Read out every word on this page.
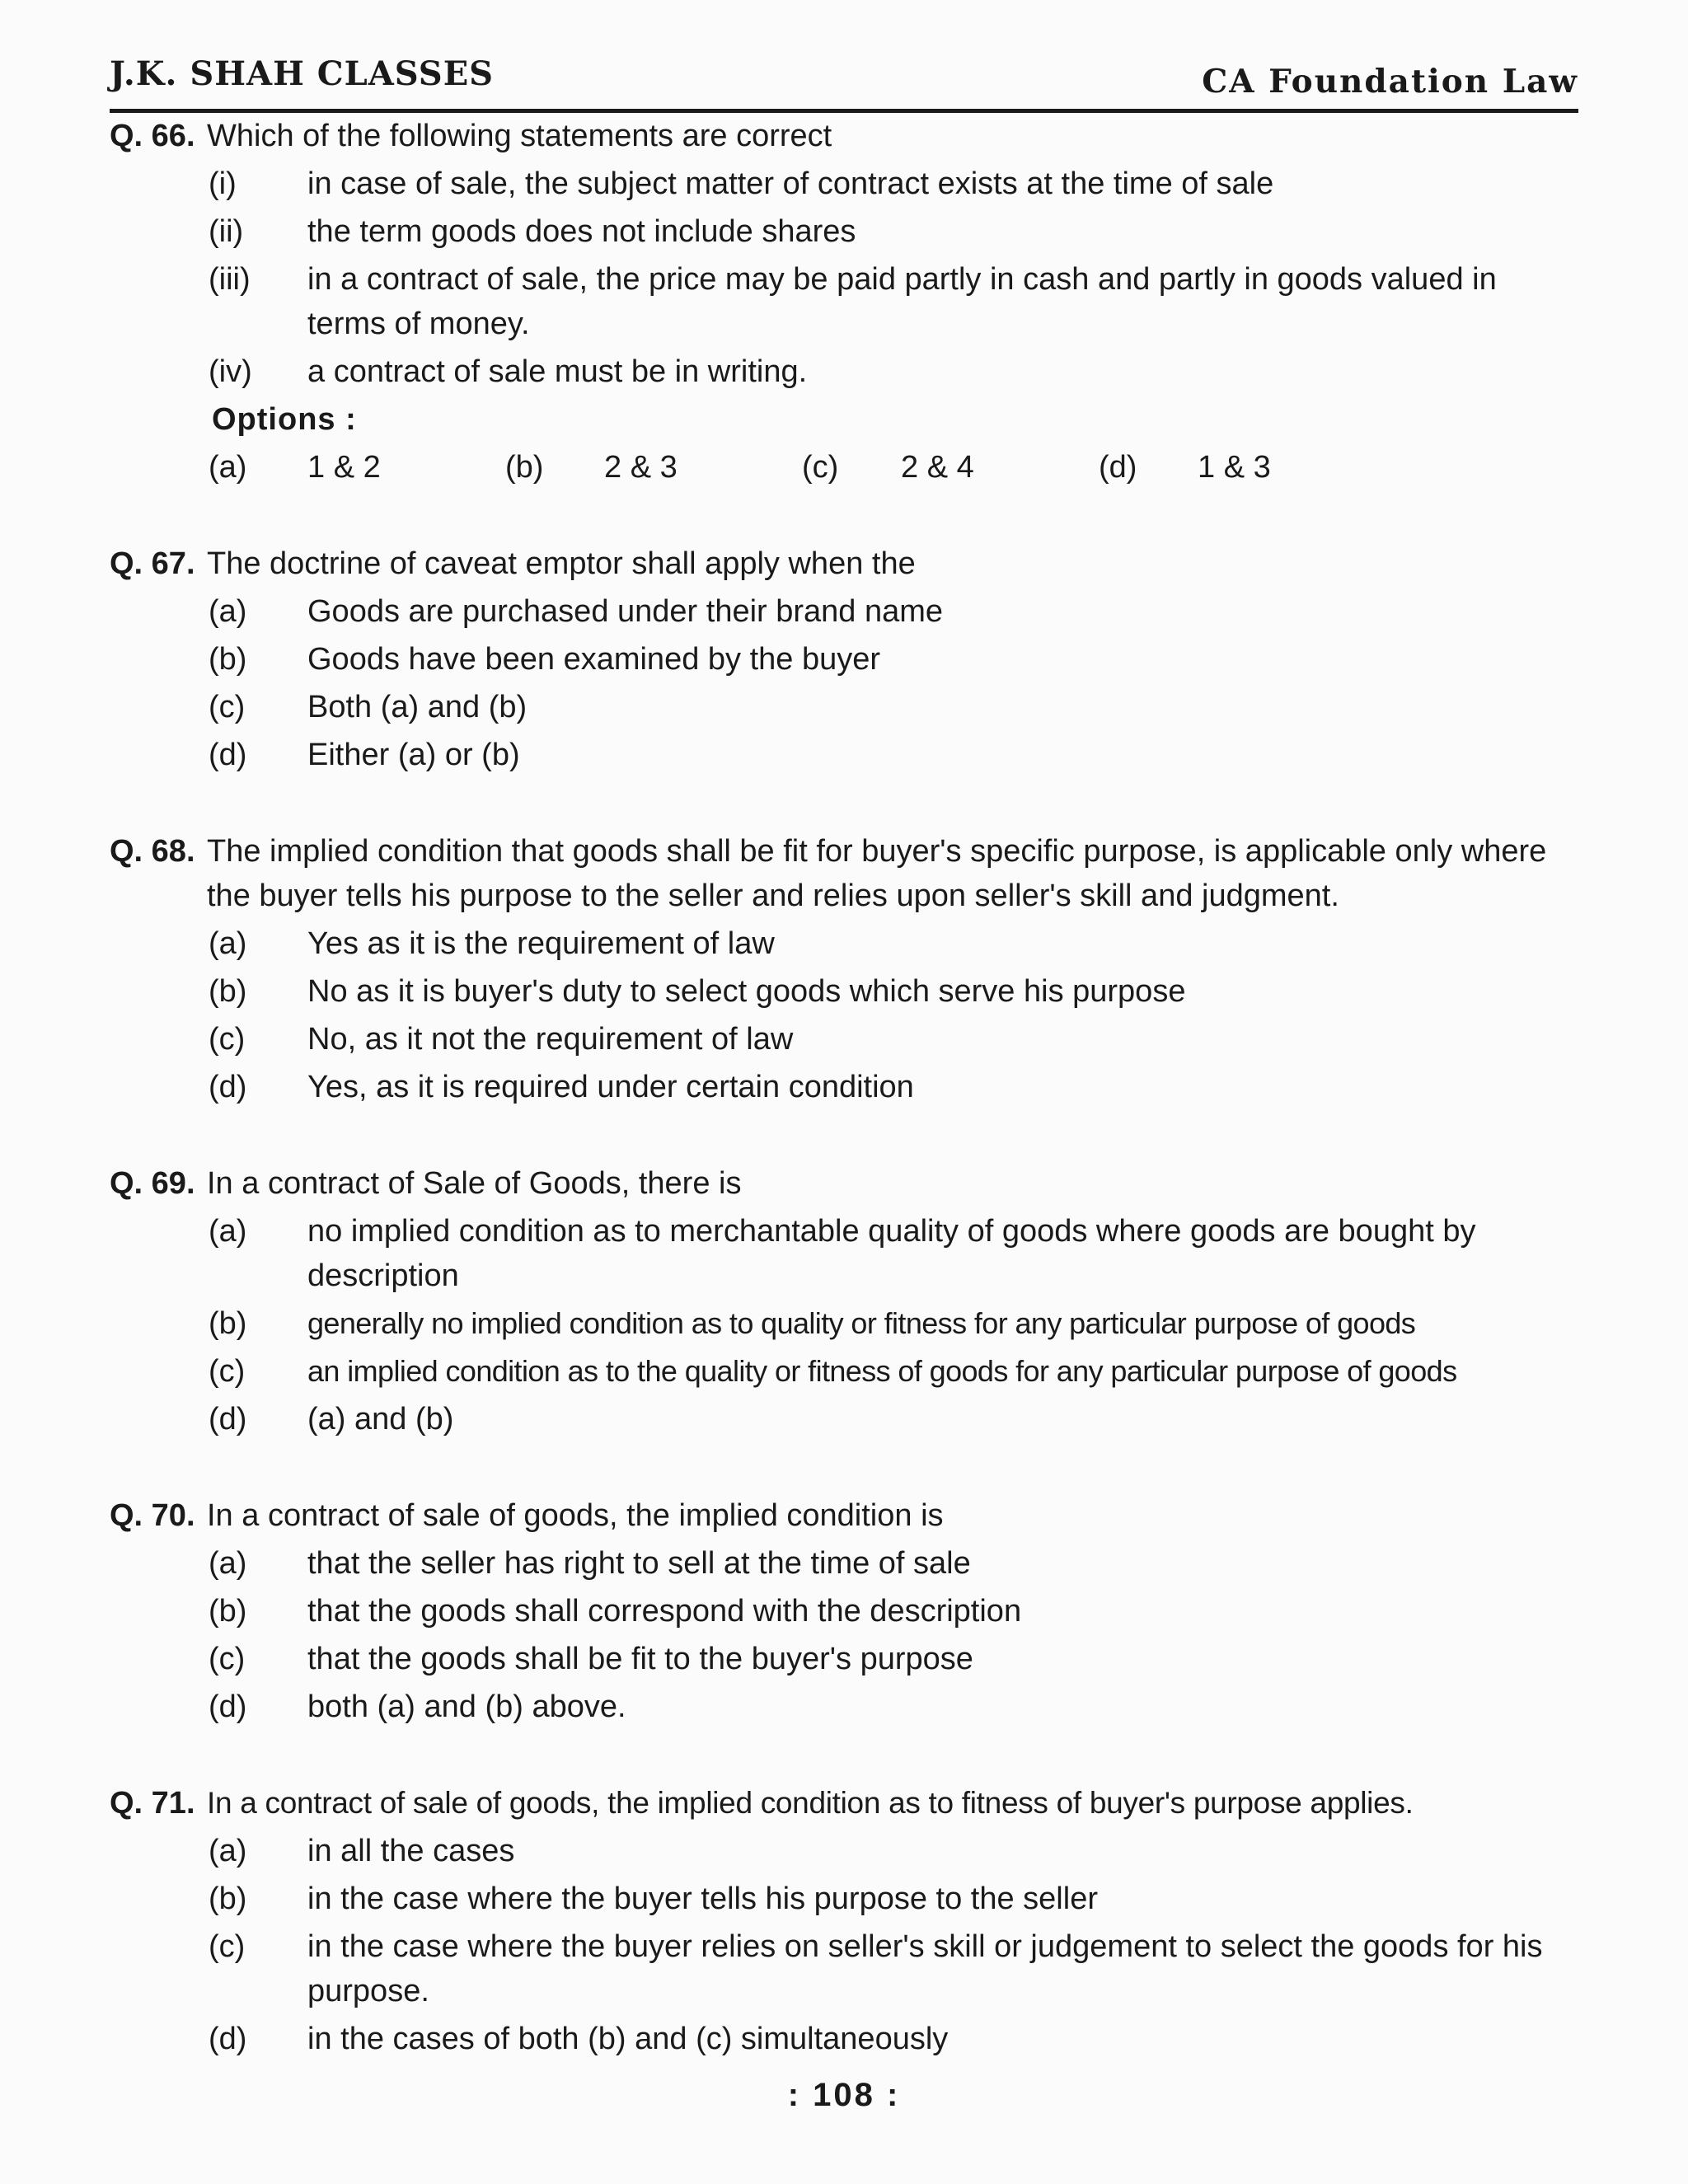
J.K. SHAH CLASSES	CA Foundation Law
Q. 66. Which of the following statements are correct
(i) in case of sale, the subject matter of contract exists at the time of sale
(ii) the term goods does not include shares
(iii) in a contract of sale, the price may be paid partly in cash and partly in goods valued in terms of money.
(iv) a contract of sale must be in writing.
Options :
(a) 1 & 2	(b) 2 & 3	(c) 2 & 4	(d) 1 & 3
Q. 67. The doctrine of caveat emptor shall apply when the
(a) Goods are purchased under their brand name
(b) Goods have been examined by the buyer
(c) Both (a) and (b)
(d) Either (a) or (b)
Q. 68. The implied condition that goods shall be fit for buyer's specific purpose, is applicable only where the buyer tells his purpose to the seller and relies upon seller's skill and judgment.
(a) Yes as it is the requirement of law
(b) No as it is buyer's duty to select goods which serve his purpose
(c) No, as it not the requirement of law
(d) Yes, as it is required under certain condition
Q. 69. In a contract of Sale of Goods, there is
(a) no implied condition as to merchantable quality of goods where goods are bought by description
(b) generally no implied condition as to quality or fitness for any particular purpose of goods
(c) an implied condition as to the quality or fitness of goods for any particular purpose of goods
(d) (a) and (b)
Q. 70. In a contract of sale of goods, the implied condition is
(a) that the seller has right to sell at the time of sale
(b) that the goods shall correspond with the description
(c) that the goods shall be fit to the buyer's purpose
(d) both (a) and (b) above.
Q. 71. In a contract of sale of goods, the implied condition as to fitness of buyer's purpose applies.
(a) in all the cases
(b) in the case where the buyer tells his purpose to the seller
(c) in the case where the buyer relies on seller's skill or judgement to select the goods for his purpose.
(d) in the cases of both (b) and (c) simultaneously
: 108 :
